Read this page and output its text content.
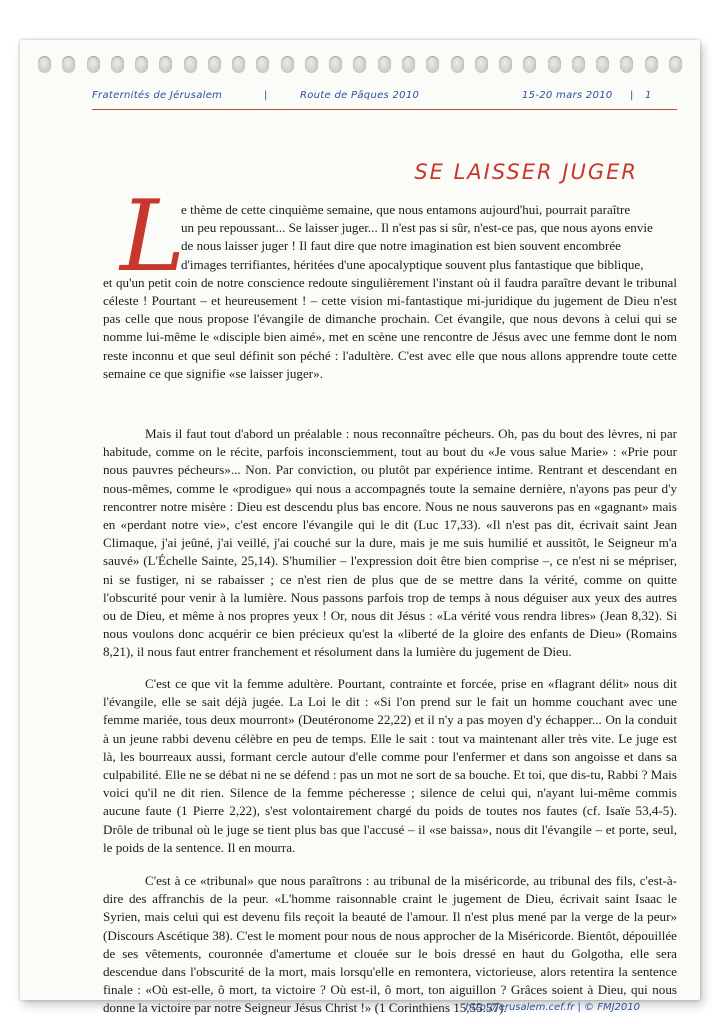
Fraternités de Jérusalem	|	Route de Pâques 2010	15-20 mars 2010 | 1
SE LAISSER JUGER
L

e thème de cette cinquième semaine, que nous entamons aujourd'hui, pourrait paraître
un peu repoussant... Se laisser juger... Il n'est pas si sûr, n'est-ce pas, que nous ayons envie
de nous laisser juger ! Il faut dire que notre imagination est bien souvent encombrée
d'images terrifiantes, héritées d'une apocalyptique souvent plus fantastique que biblique,
et qu'un petit coin de notre conscience redoute singulièrement l'instant où il faudra paraître devant le tribunal céleste ! Pourtant – et heureusement ! – cette vision mi-fantastique mi-juridique du jugement de Dieu n'est pas celle que nous propose l'évangile de dimanche prochain. Cet évangile, que nous devons à celui qui se nomme lui-même le «disciple bien aimé», met en scène une rencontre de Jésus avec une femme dont le nom reste inconnu et que seul définit son péché : l'adultère. C'est avec elle que nous allons apprendre toute cette semaine ce que signifie «se laisser juger».

Mais il faut tout d'abord un préalable : nous reconnaître pécheurs. Oh, pas du bout des lèvres, ni par habitude, comme on le récite, parfois inconsciemment, tout au bout du «Je vous salue Marie» : «Prie pour nous pauvres pécheurs»... Non. Par conviction, ou plutôt par expérience intime. Rentrant et descendant en nous-mêmes, comme le «prodigue» qui nous a accompagnés toute la semaine dernière, n'ayons pas peur d'y rencontrer notre misère : Dieu est descendu plus bas encore. Nous ne nous sauverons pas en «gagnant» mais en «perdant notre vie», c'est encore l'évangile qui le dit (Luc 17,33). «Il n'est pas dit, écrivait saint Jean Climaque, j'ai jeûné, j'ai veillé, j'ai couché sur la dure, mais je me suis humilié et aussitôt, le Seigneur m'a sauvé» (L'Échelle Sainte, 25,14). S'humilier – l'expression doit être bien comprise –, ce n'est ni se mépriser, ni se fustiger, ni se rabaisser ; ce n'est rien de plus que de se mettre dans la vérité, comme on quitte l'obscurité pour venir à la lumière. Nous passons parfois trop de temps à nous déguiser aux yeux des autres ou de Dieu, et même à nos propres yeux ! Or, nous dit Jésus : «La vérité vous rendra libres» (Jean 8,32). Si nous voulons donc acquérir ce bien précieux qu'est la «liberté de la gloire des enfants de Dieu» (Romains 8,21), il nous faut entrer franchement et résolument dans la lumière du jugement de Dieu.

C'est ce que vit la femme adultère. Pourtant, contrainte et forcée, prise en «flagrant délit» nous dit l'évangile, elle se sait déjà jugée. La Loi le dit : «Si l'on prend sur le fait un homme couchant avec une femme mariée, tous deux mourront» (Deutéronome 22,22) et il n'y a pas moyen d'y échapper... On la conduit à un jeune rabbi devenu célèbre en peu de temps. Elle le sait : tout va maintenant aller très vite. Le juge est là, les bourreaux aussi, formant cercle autour d'elle comme pour l'enfermer et dans son angoisse et dans sa culpabilité. Elle ne se débat ni ne se défend : pas un mot ne sort de sa bouche. Et toi, que dis-tu, Rabbi ? Mais voici qu'il ne dit rien. Silence de la femme pécheresse ; silence de celui qui, n'ayant lui-même commis aucune faute (1 Pierre 2,22), s'est volontairement chargé du poids de toutes nos fautes (cf. Isaïe 53,4-5). Drôle de tribunal où le juge se tient plus bas que l'accusé – il «se baissa», nous dit l'évangile – et porte, seul, le poids de la sentence. Il en mourra.

C'est à ce «tribunal» que nous paraîtrons : au tribunal de la miséricorde, au tribunal des fils, c'est-à-dire des affranchis de la peur. «L'homme raisonnable craint le jugement de Dieu, écrivait saint Isaac le Syrien, mais celui qui est devenu fils reçoit la beauté de l'amour. Il n'est plus mené par la verge de la peur» (Discours Ascétique 38). C'est le moment pour nous de nous approcher de la Miséricorde. Bientôt, dépouillée de ses vêtements, couronnée d'amertume et clouée sur le bois dressé en haut du Golgotha, elle sera descendue dans l'obscurité de la mort, mais lorsqu'elle en remontera, victorieuse, alors retentira la sentence finale : «Où est-elle, ô mort, ta victoire ? Où est-il, ô mort, ton aiguillon ? Grâces soient à Dieu, qui nous donne la victoire par notre Seigneur Jésus Christ !» (1 Corinthiens 15,55.57).

http://jerusalem.cef.fr | © FMJ2010
